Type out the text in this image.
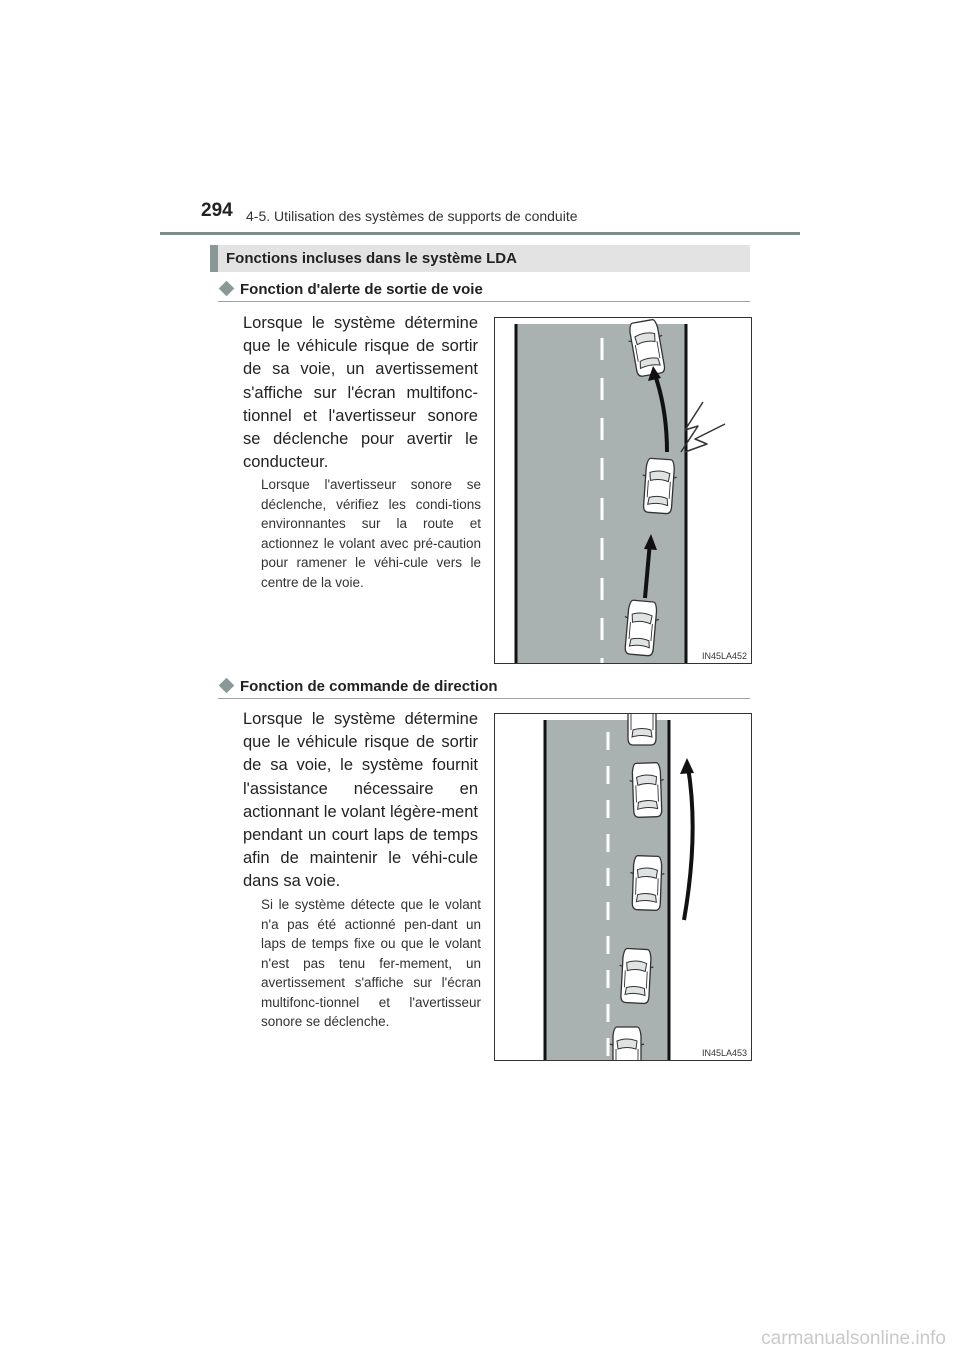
294 4-5. Utilisation des systèmes de supports de conduite
Fonctions incluses dans le système LDA
Fonction d'alerte de sortie de voie

Lorsque le système détermine que le véhicule risque de sortir de sa voie, un avertissement s'affiche sur l'écran multifonc-tionnel et l'avertisseur sonore se déclenche pour avertir le conducteur.

Lorsque l'avertisseur sonore se déclenche, vérifiez les condi-tions environnantes sur la route et actionnez le volant avec pré-caution pour ramener le véhi-cule vers le centre de la voie.

IN45LA452
Fonction de commande de direction

Lorsque le système détermine que le véhicule risque de sortir de sa voie, le système fournit l'assistance nécessaire en actionnant le volant légère-ment pendant un court laps de temps afin de maintenir le véhi-cule dans sa voie.

Si le système détecte que le volant n'a pas été actionné pen-dant un laps de temps fixe ou que le volant n'est pas tenu fer-mement, un avertissement s'affiche sur l'écran multifonc-tionnel et l'avertisseur sonore se déclenche.

IN45LA453
carmanualsonline.info
